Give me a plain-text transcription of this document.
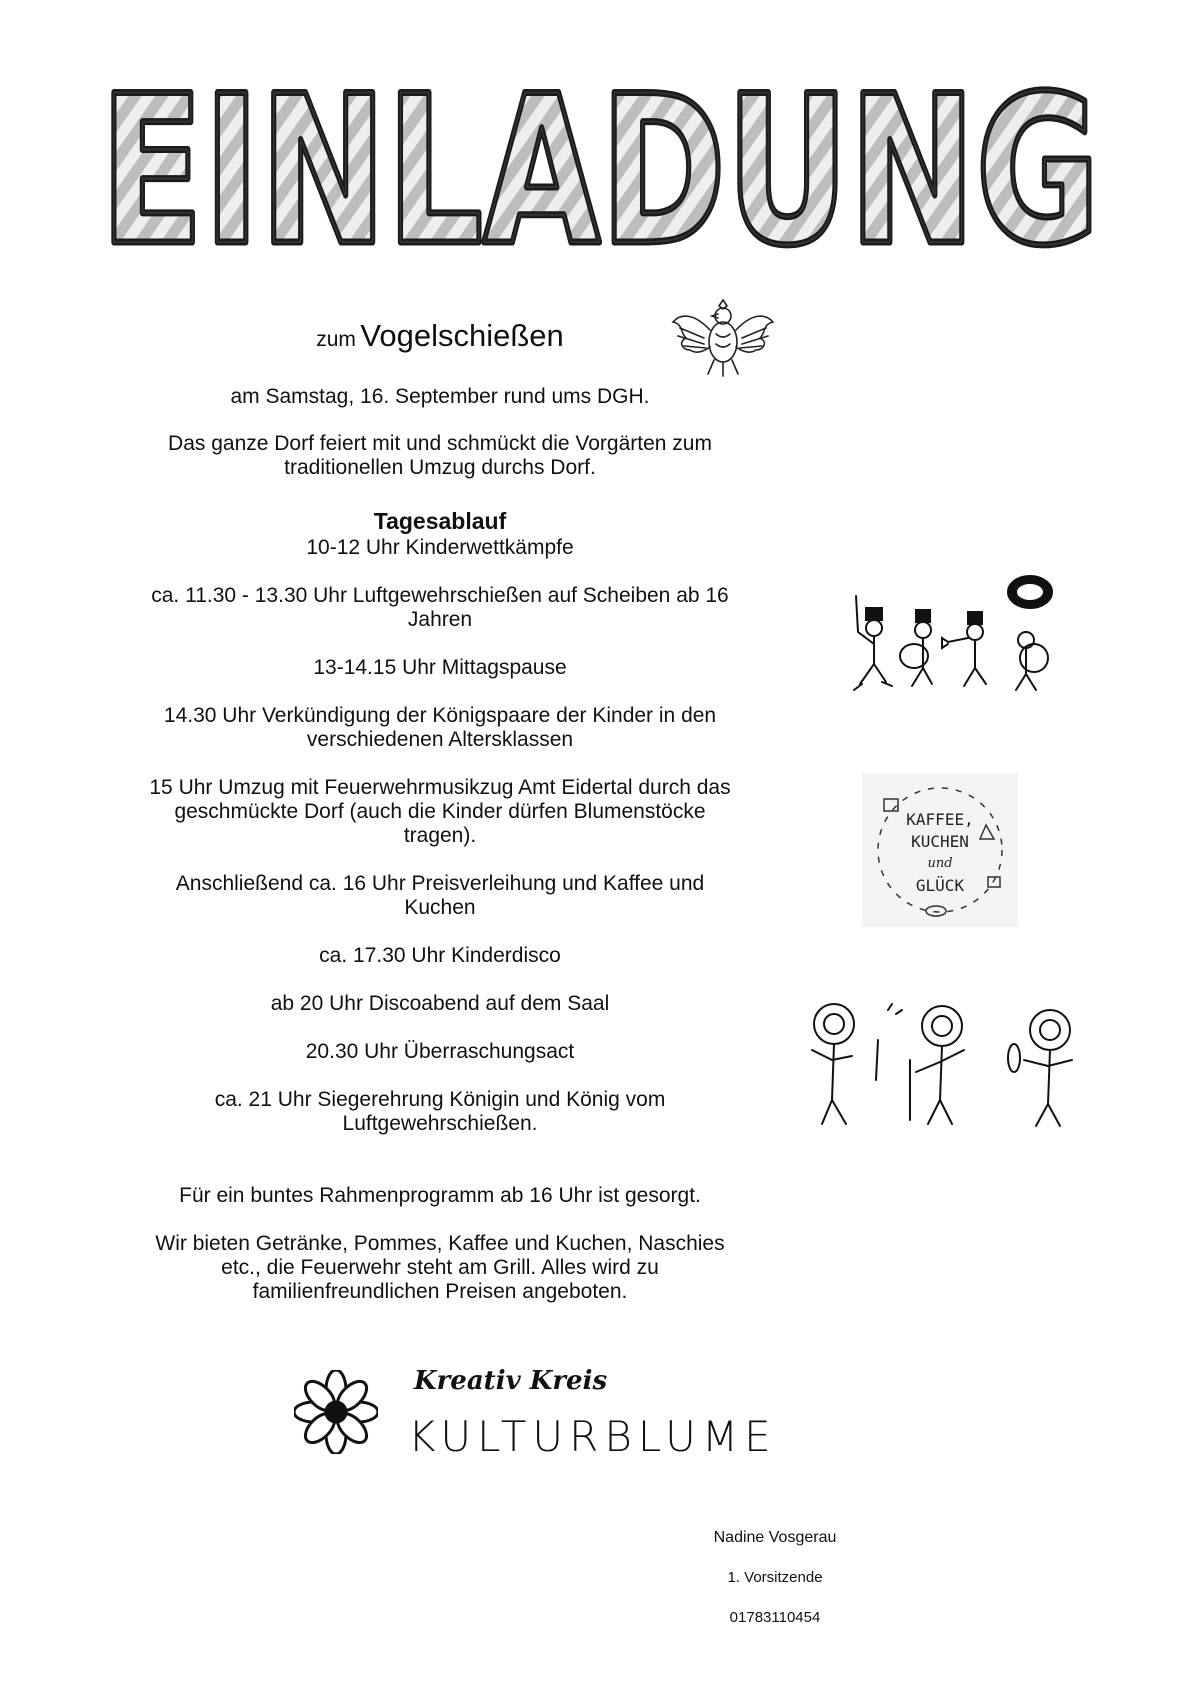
EINLADUNG
EINLADUNG
zum Vogelschießen
am Samstag, 16. September rund ums DGH.
Das ganze Dorf feiert mit und schmückt die Vorgärten zum
traditionellen Umzug durchs Dorf.
Tagesablauf
10-12 Uhr Kinderwettkämpfe
ca. 11.30 - 13.30 Uhr Luftgewehrschießen auf Scheiben ab 16
Jahren
13-14.15 Uhr Mittagspause
14.30 Uhr Verkündigung der Königspaare der Kinder in den
verschiedenen Altersklassen
15 Uhr Umzug mit Feuerwehrmusikzug Amt Eidertal durch das
geschmückte Dorf (auch die Kinder dürfen Blumenstöcke
tragen).
Anschließend ca. 16 Uhr Preisverleihung und Kaffee und
Kuchen
ca. 17.30 Uhr Kinderdisco
ab 20 Uhr Discoabend auf dem Saal
20.30 Uhr Überraschungsact
ca. 21 Uhr Siegerehrung Königin und König vom
Luftgewehrschießen.
Für ein buntes Rahmenprogramm ab 16 Uhr ist gesorgt.
Wir bieten Getränke, Pommes, Kaffee und Kuchen, Naschies
etc., die Feuerwehr steht am Grill. Alles wird zu
familienfreundlichen Preisen angeboten.
KAFFEE,
KUCHEN
und
GLÜCK
Kreativ Kreis
KULTURBLUME

Nadine Vosgerau

1. Vorsitzende

01783110454
